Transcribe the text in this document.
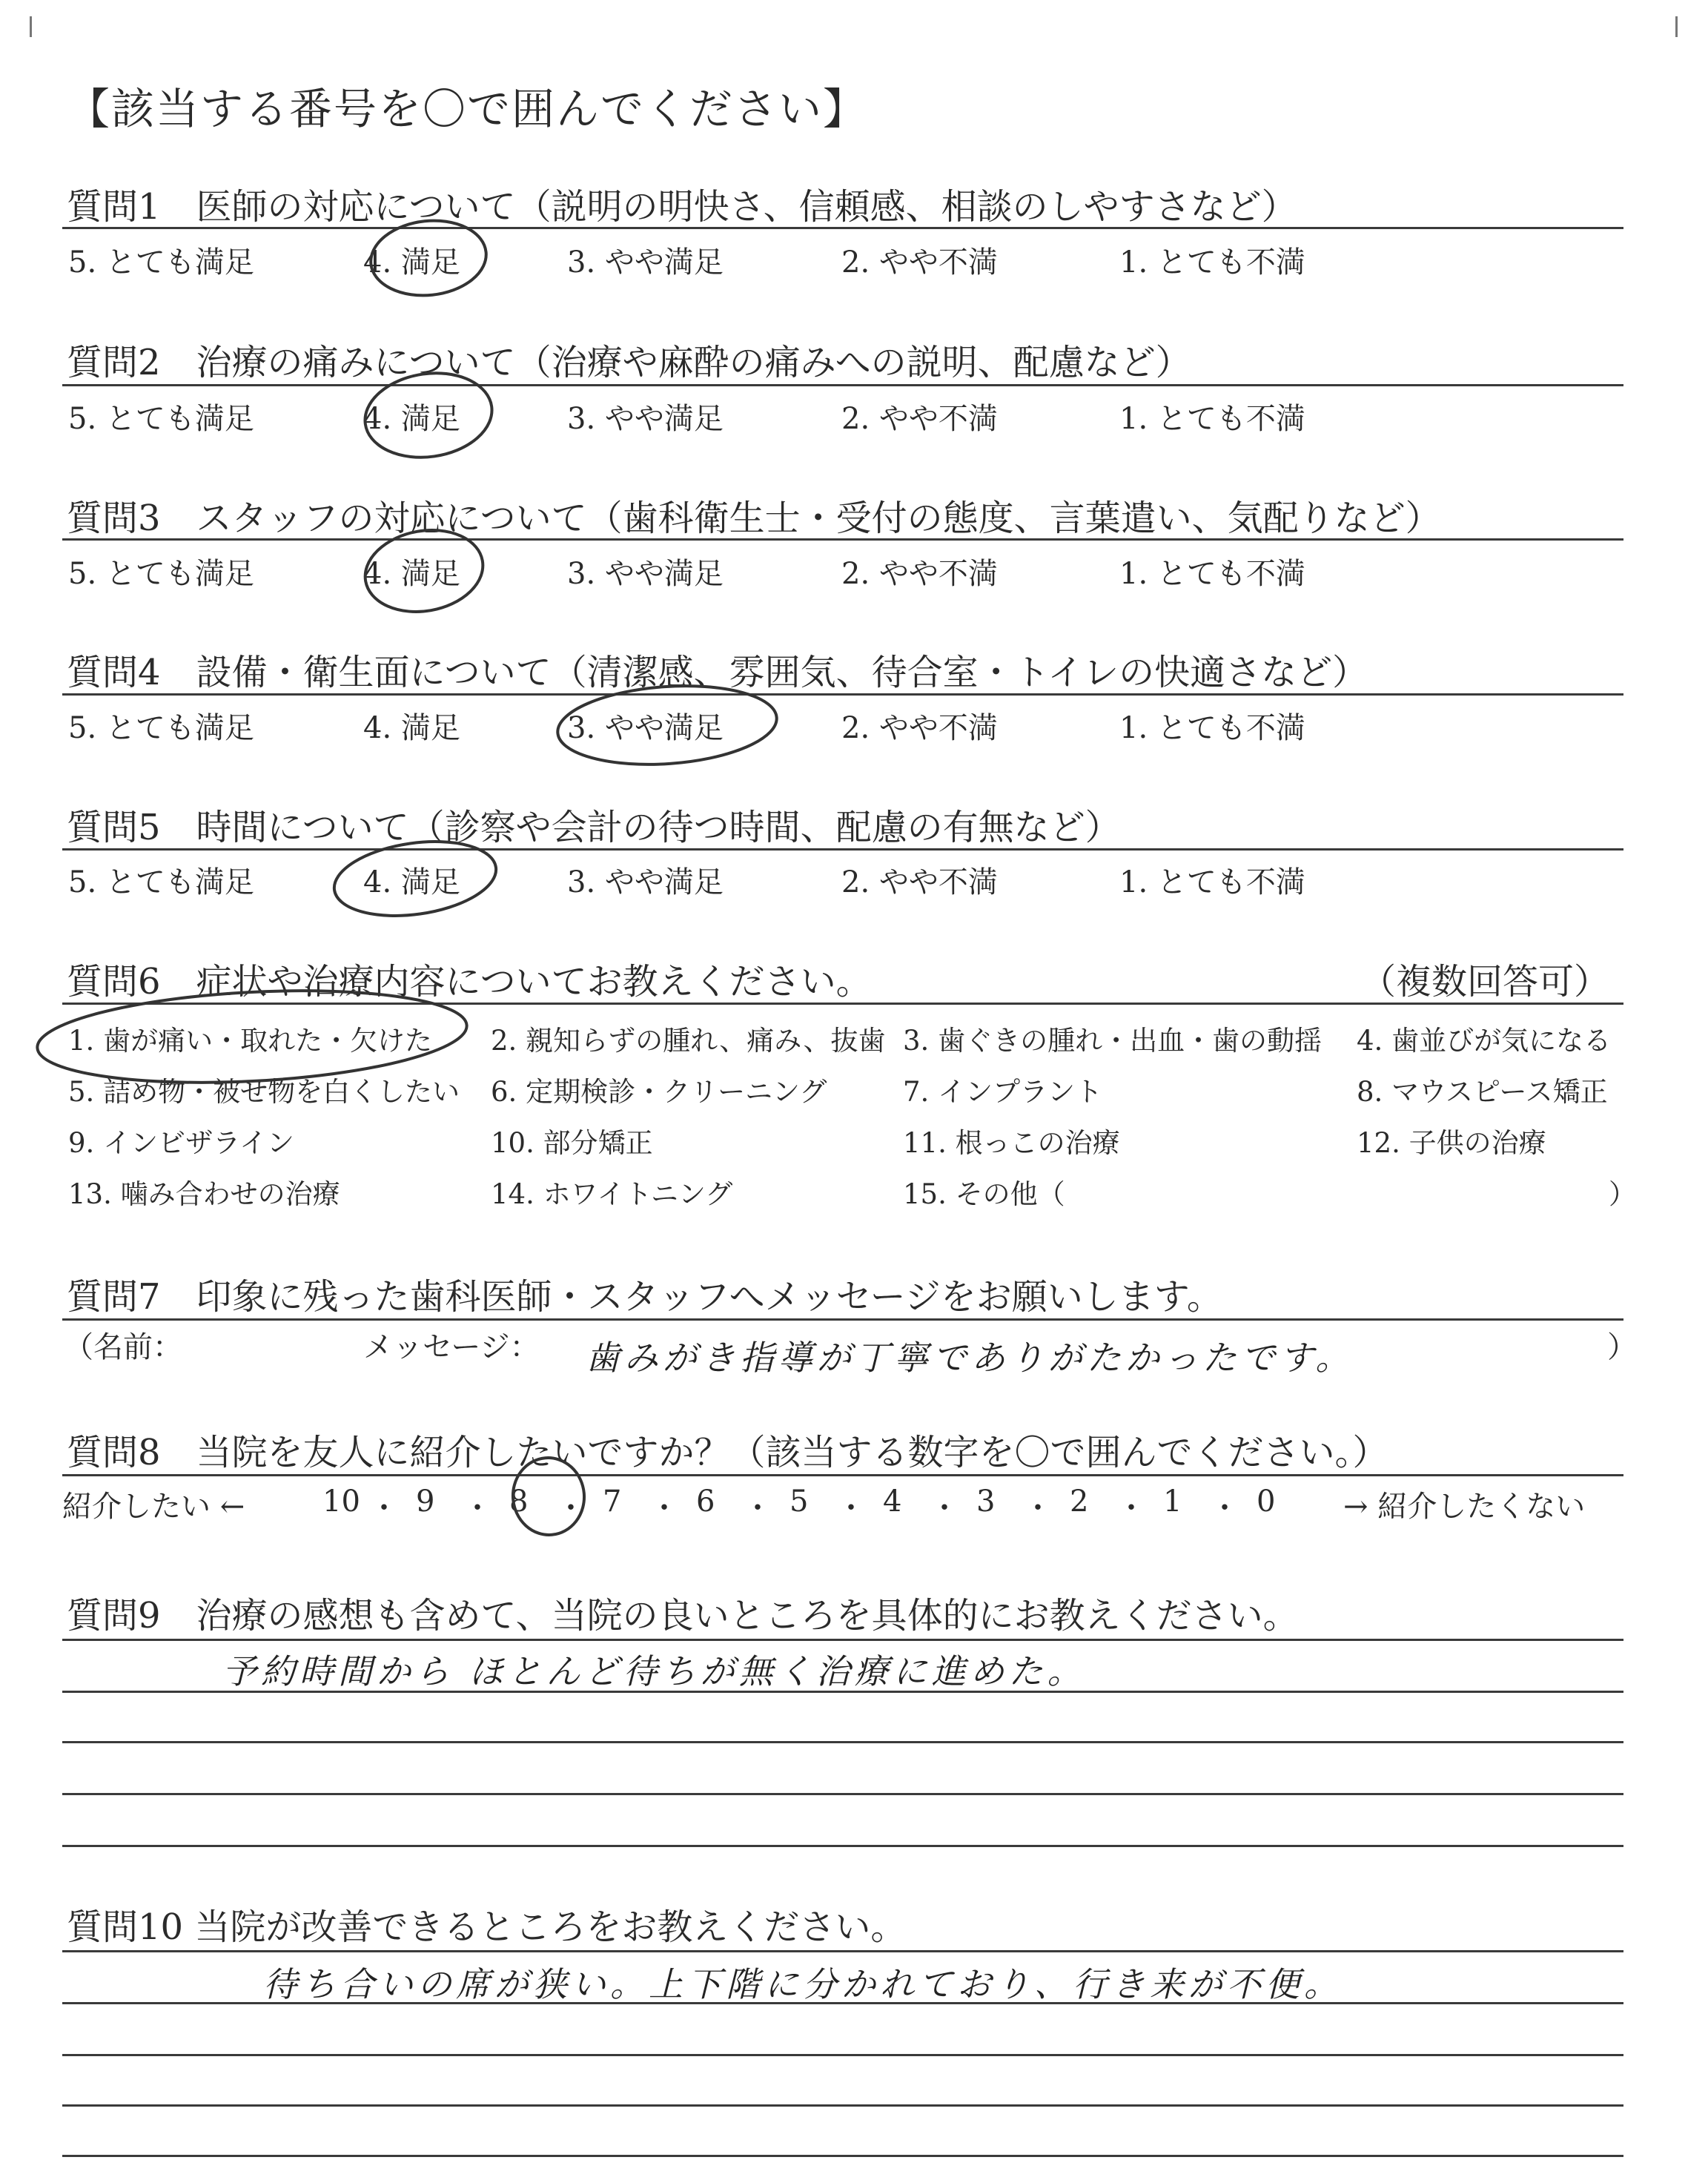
【該当する番号を〇で囲んでください】
質問1　医師の対応について（説明の明快さ、信頼感、相談のしやすさなど）
5. とても満足	4. 満足	3. やや満足	2. やや不満	1. とても不満
質問2　治療の痛みについて（治療や麻酔の痛みへの説明、配慮など）
5. とても満足	4. 満足	3. やや満足	2. やや不満	1. とても不満
質問3　スタッフの対応について（歯科衛生士・受付の態度、言葉遣い、気配りなど）
5. とても満足	4. 満足	3. やや満足	2. やや不満	1. とても不満
質問4　設備・衛生面について（清潔感、雰囲気、待合室・トイレの快適さなど）
5. とても満足	4. 満足	3. やや満足	2. やや不満	1. とても不満
質問5　時間について（診察や会計の待つ時間、配慮の有無など）
5. とても満足	4. 満足	3. やや満足	2. やや不満	1. とても不満
質問6　症状や治療内容についてお教えください。	（複数回答可）
1. 歯が痛い・取れた・欠けた 2. 親知らずの腫れ、痛み、抜歯 3. 歯ぐきの腫れ・出血・歯の動揺 4. 歯並びが気になる
5. 詰め物・被せ物を白くしたい 6. 定期検診・クリーニング	7. インプラント	8. マウスピース矯正
9. インビザライン	10. 部分矯正	11. 根っこの治療	12. 子供の治療
13. 噛み合わせの治療	14. ホワイトニング	15. その他（	）
質問7　印象に残った歯科医師・スタッフへメッセージをお願いします。
（名前：	メッセージ： 歯みがき指導が丁寧でありがたかったです。	）
質問8　当院を友人に紹介したいですか？（該当する数字を〇で囲んでください。）
紹介したい ←	10 ・ 9 ・ 8 ・ 7 ・ 6 ・ 5 ・ 4 ・ 3 ・ 2 ・ 1 ・ 0 → 紹介したくない
質問9　治療の感想も含めて、当院の良いところを具体的にお教えください。
予約時間から ほとんど待ちが無く治療に進めた。
質問10 当院が改善できるところをお教えください。
待ち合いの席が狭い。上下階に分かれており、行き来が不便。
